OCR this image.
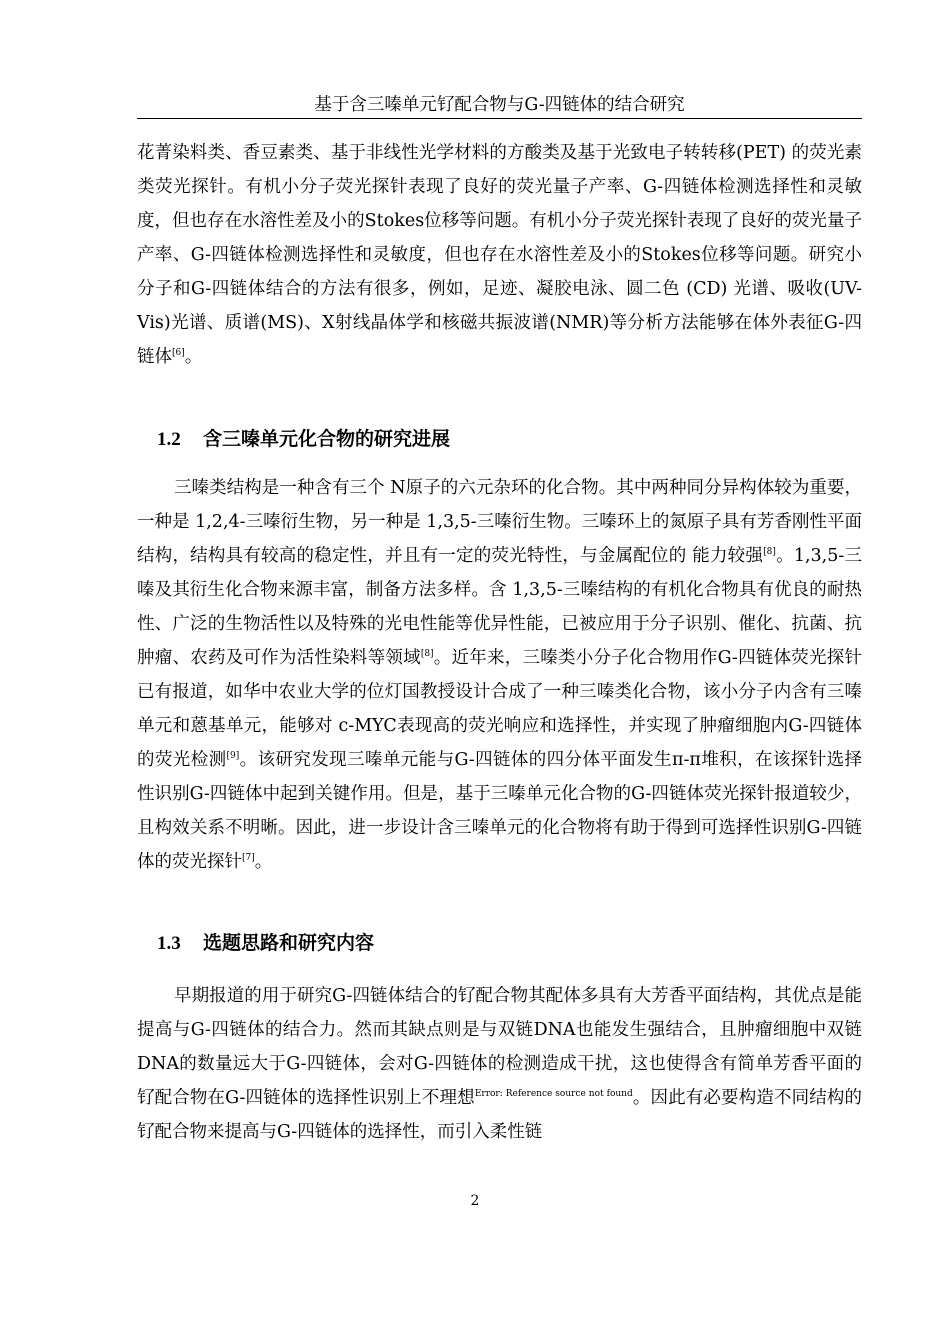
基于含三嗪单元钌配合物与G-四链体的结合研究

花菁染料类、香豆素类、基于非线性光学材料的方酸类及基于光致电子转转移(PET) 的荧光素类荧光探针。有机小分子荧光探针表现了良好的荧光量子产率、G-四链体检测选择性和灵敏度，但也存在水溶性差及小的Stokes位移等问题。有机小分子荧光探针表现了良好的荧光量子产率、G-四链体检测选择性和灵敏度，但也存在水溶性差及小的Stokes位移等问题。研究小分子和G-四链体结合的方法有很多，例如，足迹、凝胶电泳、圆二色 (CD) 光谱、吸收(UV-Vis)光谱、质谱(MS)、X射线晶体学和核磁共振波谱(NMR)等分析方法能够在体外表征G-四链体[6]。

1.2 含三嗪单元化合物的研究进展

三嗪类结构是一种含有三个 N原子的六元杂环的化合物。其中两种同分异构体较为重要，一种是 1,2,4-三嗪衍生物，另一种是 1,3,5-三嗪衍生物。三嗪环上的氮原子具有芳香刚性平面结构，结构具有较高的稳定性，并且有一定的荧光特性，与金属配位的 能力较强[8]。1,3,5-三嗪及其衍生化合物来源丰富，制备方法多样。含 1,3,5-三嗪结构的有机化合物具有优良的耐热性、广泛的生物活性以及特殊的光电性能等优异性能，已被应用于分子识别、催化、抗菌、抗肿瘤、农药及可作为活性染料等领域[8]。近年来，三嗪类小分子化合物用作G-四链体荧光探针已有报道，如华中农业大学的位灯国教授设计合成了一种三嗪类化合物，该小分子内含有三嗪单元和蒽基单元，能够对 c-MYC表现高的荧光响应和选择性，并实现了肿瘤细胞内G-四链体的荧光检测[9]。该研究发现三嗪单元能与G-四链体的四分体平面发生π-π堆积，在该探针选择性识别G-四链体中起到关键作用。但是，基于三嗪单元化合物的G-四链体荧光探针报道较少，且构效关系不明晰。因此，进一步设计含三嗪单元的化合物将有助于得到可选择性识别G-四链体的荧光探针[7]。

1.3 选题思路和研究内容

早期报道的用于研究G-四链体结合的钌配合物其配体多具有大芳香平面结构，其优点是能提高与G-四链体的结合力。然而其缺点则是与双链DNA也能发生强结合，且肿瘤细胞中双链DNA的数量远大于G-四链体，会对G-四链体的检测造成干扰，这也使得含有简单芳香平面的钌配合物在G-四链体的选择性识别上不理想$^{Error: Reference source not found}$。因此有必要构造不同结构的钌配合物来提高与G-四链体的选择性，而引入柔性链

2
